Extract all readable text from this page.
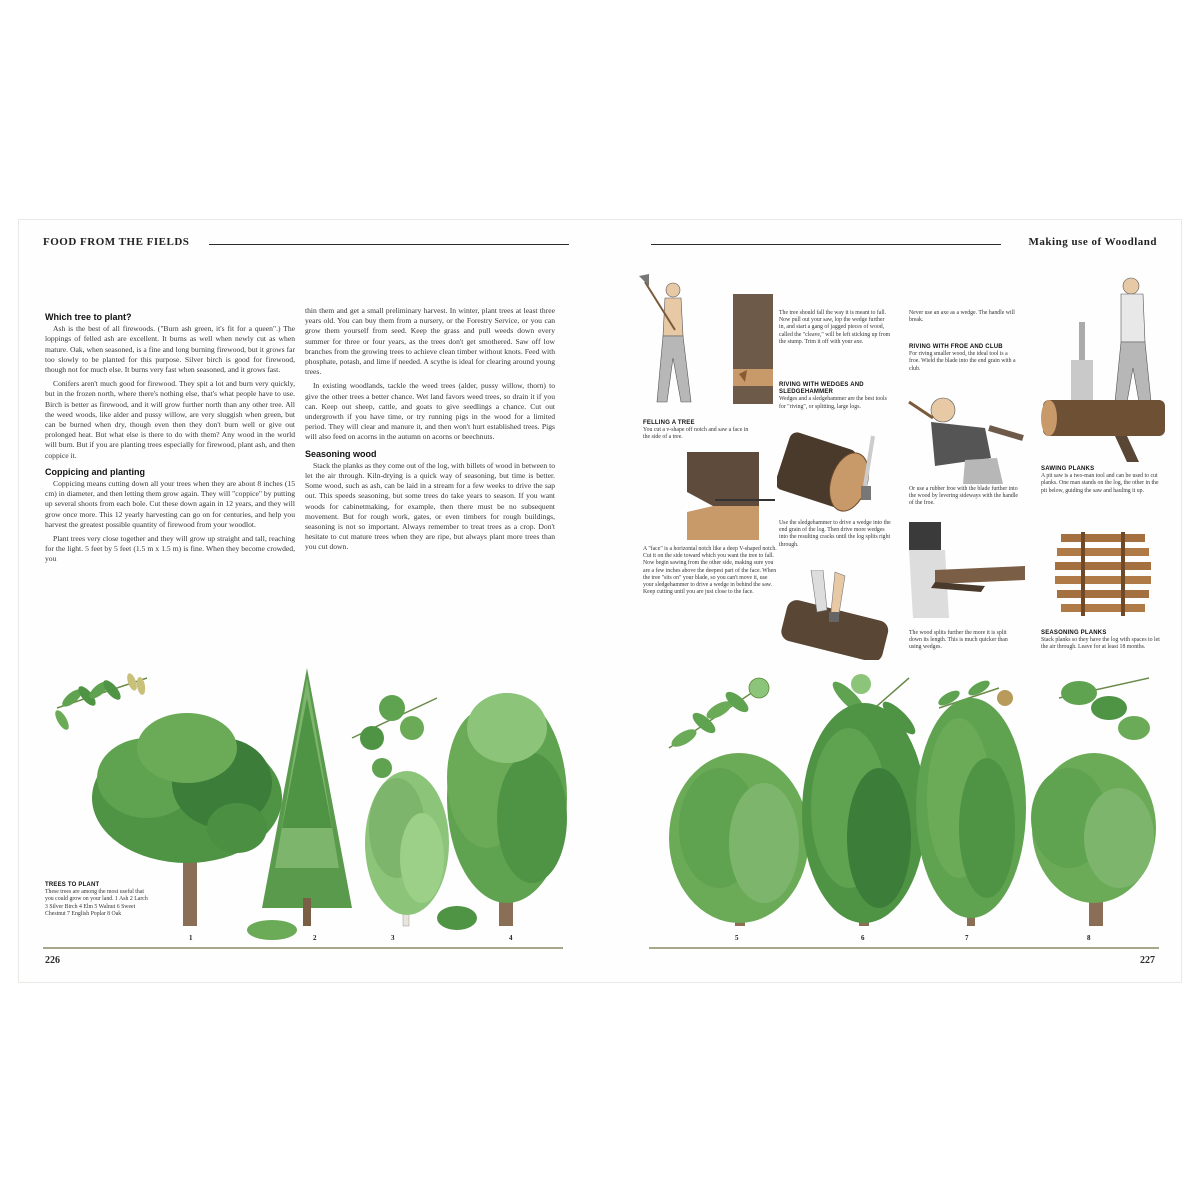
FOOD FROM THE FIELDS	Making use of Woodland
Which tree to plant?

Ash is the best of all firewoods. ("Burn ash green, it's fit for a queen".) The loppings of felled ash are excellent. It burns as well when newly cut as when mature. Oak, when seasoned, is a fine and long burning firewood, but it grows far too slowly to be planted for this purpose. Silver birch is good for firewood, though not for much else. It burns very fast when seasoned, and it grows fast.

Conifers aren't much good for firewood. They spit a lot and burn very quickly, but in the frozen north, where there's nothing else, that's what people have to use. Birch is better as firewood, and it will grow further north than any other tree. All the weed woods, like alder and pussy willow, are very sluggish when green, but can be burned when dry, though even then they don't burn well or give out prolonged heat. But what else is there to do with them? Any wood in the world will burn. But if you are planting trees especially for firewood, plant ash, and then coppice it.

Coppicing and planting

Coppicing means cutting down all your trees when they are about 8 inches (15 cm) in diameter, and then letting them grow again. They will "coppice" by putting up several shoots from each bole. Cut these down again in 12 years, and they will grow once more. This 12 yearly harvesting can go on for centuries, and help you harvest the greatest possible quantity of firewood from your woodlot.

Plant trees very close together and they will grow up straight and tall, reaching for the light. 5 feet by 5 feet (1.5 m x 1.5 m) is fine. When they become crowded, you

thin them and get a small preliminary harvest. In winter, plant trees at least three years old. You can buy them from a nursery, or the Forestry Service, or you can grow them yourself from seed. Keep the grass and pull weeds down every summer for three or four years, as the trees don't get smothered. Saw off low branches from the growing trees to achieve clean timber without knots. Feed with phosphate, potash, and lime if needed. A scythe is ideal for clearing around young trees.

In existing woodlands, tackle the weed trees (alder, pussy willow, thorn) to give the other trees a better chance. Wet land favors weed trees, so drain it if you can. Keep out sheep, cattle, and goats to give seedlings a chance. Cut out undergrowth if you have time, or try running pigs in the wood for a limited period. They will clear and manure it, and then won't hurt established trees. Pigs will also feed on acorns in the autumn on acorns or beechnuts.

Seasoning wood

Stack the planks as they come out of the log, with billets of wood in between to let the air through. Kiln-drying is a quick way of seasoning, but time is better. Some wood, such as ash, can be laid in a stream for a few weeks to drive the sap out. This speeds seasoning, but some trees do take years to season. If you want woods for cabinetmaking, for example, then there must be no subsequent movement. But for rough work, gates, or even timbers for rough buildings, seasoning is not so important. Always remember to treat trees as a crop. Don't hesitate to cut mature trees when they are ripe, but always plant more trees than you cut down.

TREES TO PLANT
These trees are among the most useful that you could grow on your land. 1 Ash 2 Larch 3 Silver Birch 4 Elm 5 Walnut 6 Sweet Chestnut 7 English Poplar 8 Oak
1	2	3	4
226
FELLING A TREE
You cut a v-shape off notch and saw a face in the side of a tree.
A "face" is a horizontal notch like a deep V-shaped notch. Cut it on the side toward which you want the tree to fall. Now begin sawing from the other side, making sure you are a few inches above the deepest part of the face. When the tree "sits on" your blade, so you can't move it, use your sledgehammer to drive a wedge in behind the saw. Keep cutting until you are just close to the face.
The tree should fall the way it is meant to fall. Now pull out your saw, lop the wedge further in, and start a gang of jagged pieces of wood, called the "cleave," will be left sticking up from the stump. Trim it off with your axe.
RIVING WITH WEDGES AND SLEDGEHAMMER
Wedges and a sledgehammer are the best tools for "riving", or splitting, large logs.
Use the sledgehammer to drive a wedge into the end grain of the log. Then drive more wedges into the resulting cracks until the log splits right through.
Never use an axe as a wedge. The handle will break.
RIVING WITH FROE AND CLUB
For riving smaller wood, the ideal tool is a froe. Wield the blade into the end grain with a club.
Or use a rubber froe with the blade further into the wood by levering sideways with the handle of the froe.
The wood splits further the more it is split down its length. This is much quicker than using wedges.
SAWING PLANKS
A pit saw is a two-man tool and can be used to cut planks. One man stands on the log, the other in the pit below, guiding the saw and hauling it up.
SEASONING PLANKS
Stack planks so they have the log with spaces to let the air through. Leave for at least 18 months.
5	6	7	8
227
